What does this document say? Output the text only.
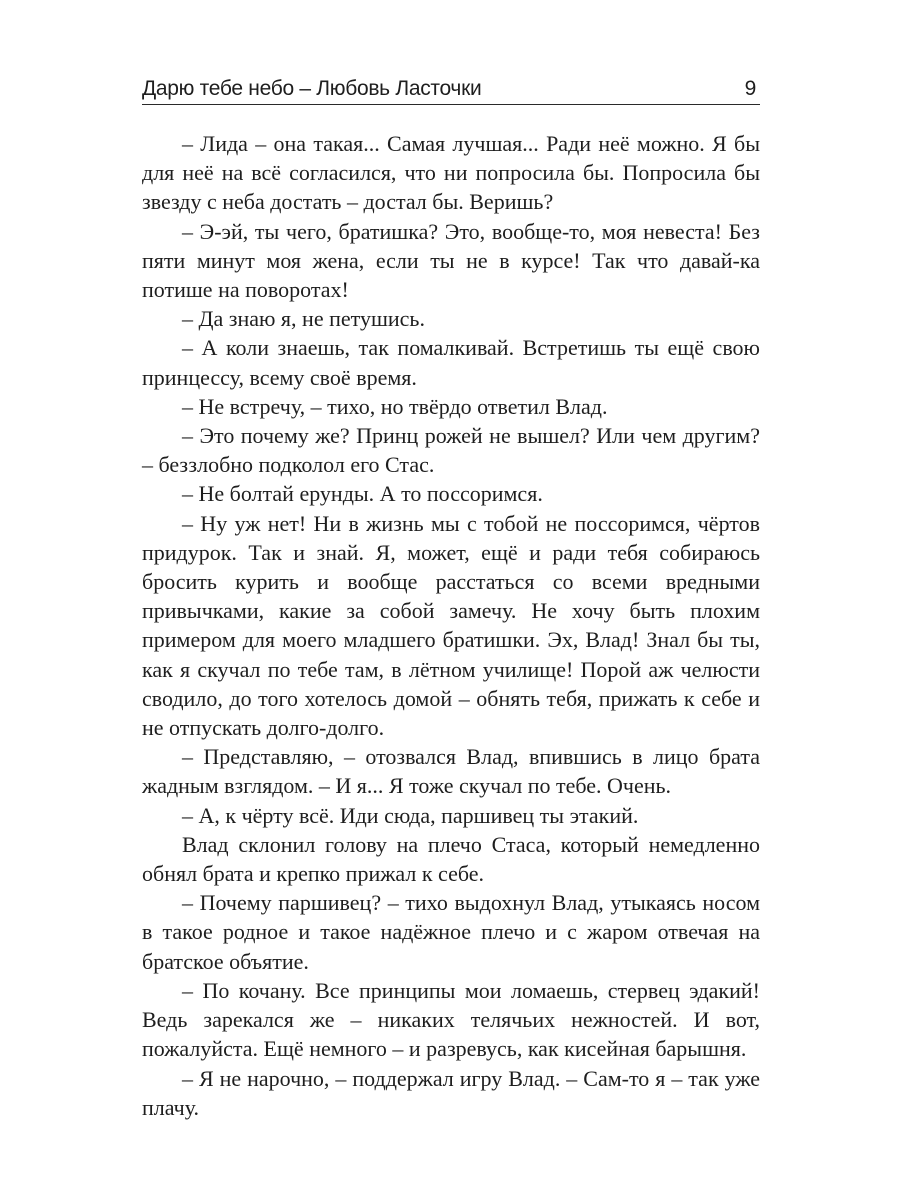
Дарю тебе небо – Любовь Ласточки	9

– Лида – она такая... Самая лучшая... Ради неё можно. Я бы для неё на всё согласился, что ни попросила бы. Попросила бы звезду с неба достать – достал бы. Веришь?

– Э-эй, ты чего, братишка? Это, вообще-то, моя невеста! Без пяти минут моя жена, если ты не в курсе! Так что давай-ка потише на поворотах!

– Да знаю я, не петушись.

– А коли знаешь, так помалкивай. Встретишь ты ещё свою принцессу, всему своё время.

– Не встречу, – тихо, но твёрдо ответил Влад.

– Это почему же? Принц рожей не вышел? Или чем другим? – беззлобно подколол его Стас.

– Не болтай ерунды. А то поссоримся.

– Ну уж нет! Ни в жизнь мы с тобой не поссоримся, чёртов придурок. Так и знай. Я, может, ещё и ради тебя собираюсь бросить курить и вообще расстаться со всеми вредными привычками, какие за собой замечу. Не хочу быть плохим примером для моего младшего братишки. Эх, Влад! Знал бы ты, как я скучал по тебе там, в лётном училище! Порой аж челюсти сводило, до того хотелось домой – обнять тебя, прижать к себе и не отпускать долго-долго.

– Представляю, – отозвался Влад, впившись в лицо брата жадным взглядом. – И я... Я тоже скучал по тебе. Очень.

– А, к чёрту всё. Иди сюда, паршивец ты этакий.

Влад склонил голову на плечо Стаса, который немедленно обнял брата и крепко прижал к себе.

– Почему паршивец? – тихо выдохнул Влад, утыкаясь носом в такое родное и такое надёжное плечо и с жаром отвечая на братское объятие.

– По кочану. Все принципы мои ломаешь, стервец эдакий! Ведь зарекался же – никаких телячьих нежностей. И вот, пожалуйста. Ещё немного – и разревусь, как кисейная барышня.

– Я не нарочно, – поддержал игру Влад. – Сам-то я – так уже плачу.
